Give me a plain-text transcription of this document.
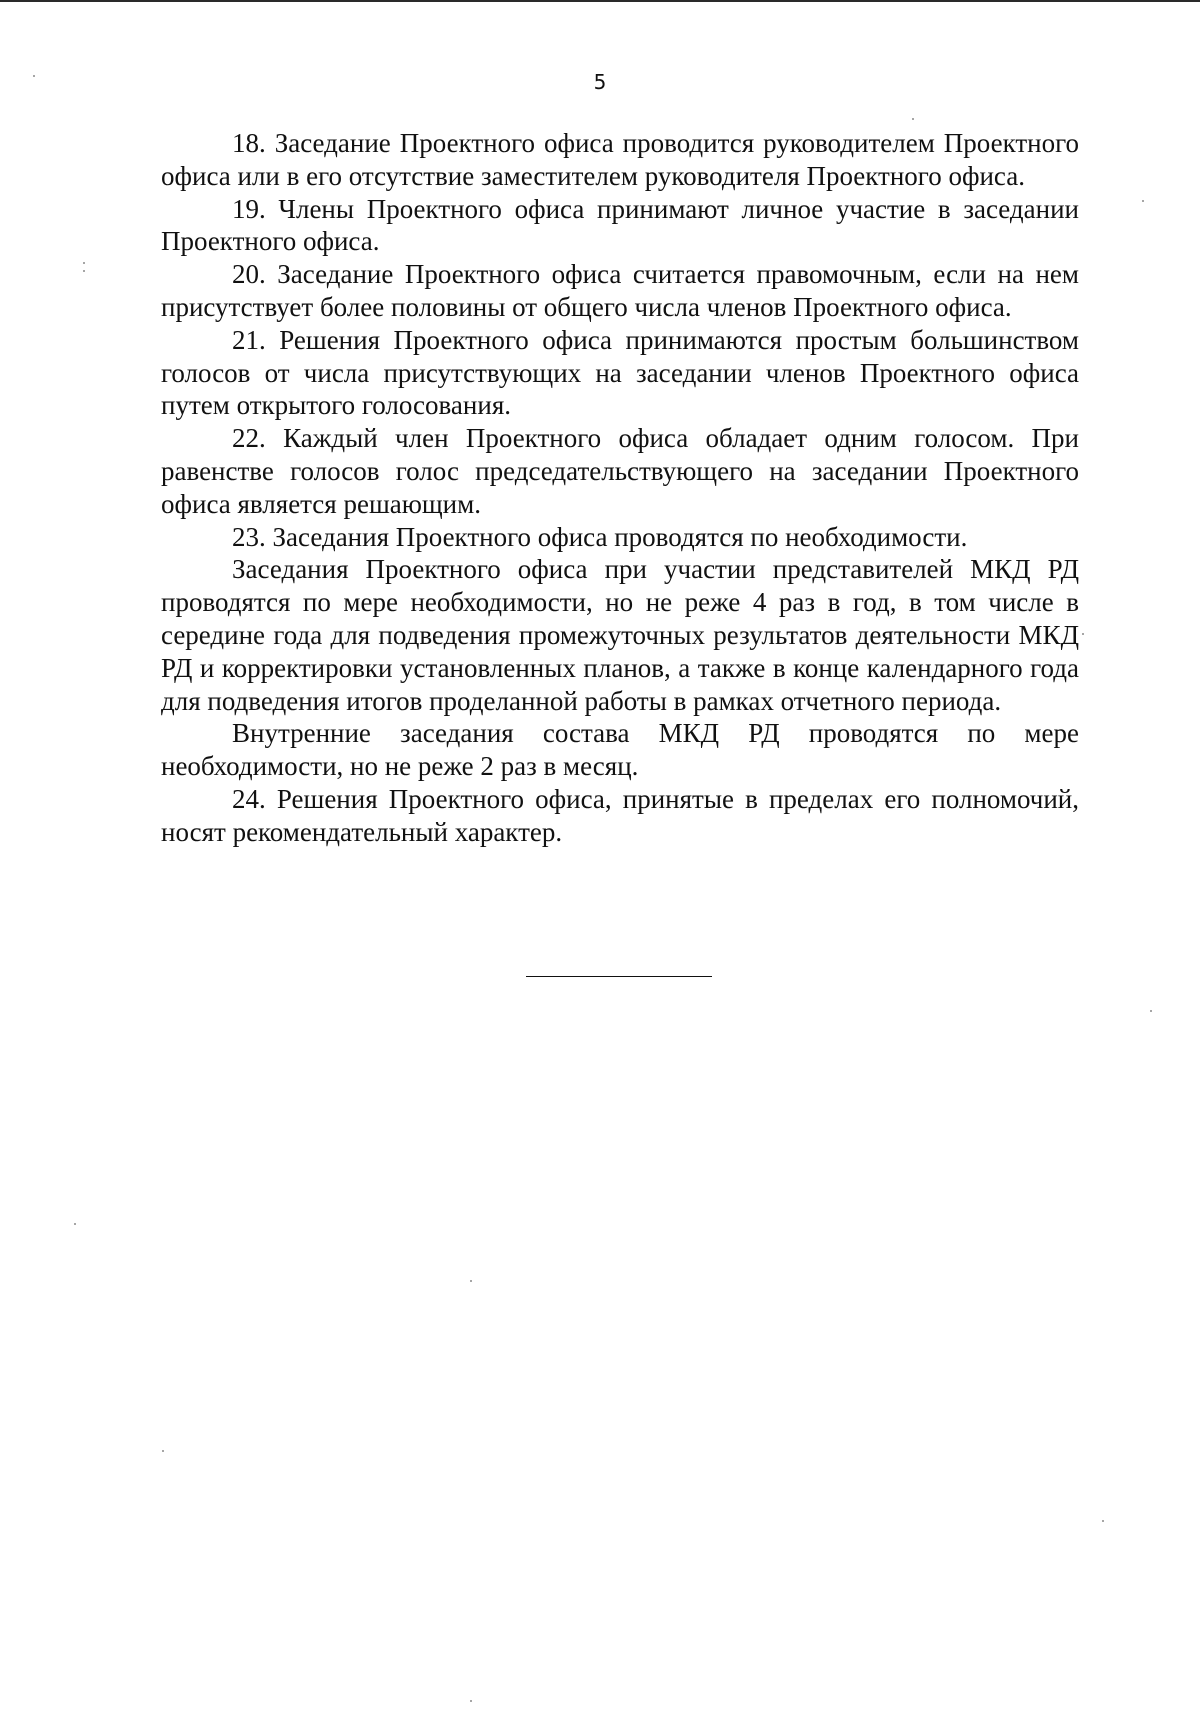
5

18. Заседание Проектного офиса проводится руководителем Проектного офиса или в его отсутствие заместителем руководителя Проектного офиса.

19. Члены Проектного офиса принимают личное участие в заседании Проектного офиса.

20. Заседание Проектного офиса считается правомочным, если на нем присутствует более половины от общего числа членов Проектного офиса.

21. Решения Проектного офиса принимаются простым большинством голосов от числа присутствующих на заседании членов Проектного офиса путем открытого голосования.

22. Каждый член Проектного офиса обладает одним голосом. При равенстве голосов голос председательствующего на заседании Проектного офиса является решающим.

23. Заседания Проектного офиса проводятся по необходимости.

Заседания Проектного офиса при участии представителей МКД РД проводятся по мере необходимости, но не реже 4 раз в год, в том числе в середине года для подведения промежуточных результатов деятельности МКД РД и корректировки установленных планов, а также в конце календарного года для подведения итогов проделанной работы в рамках отчетного периода.

Внутренние заседания состава МКД РД проводятся по мере необходимости, но не реже 2 раз в месяц.

24. Решения Проектного офиса, принятые в пределах его полномочий, носят рекомендательный характер.
